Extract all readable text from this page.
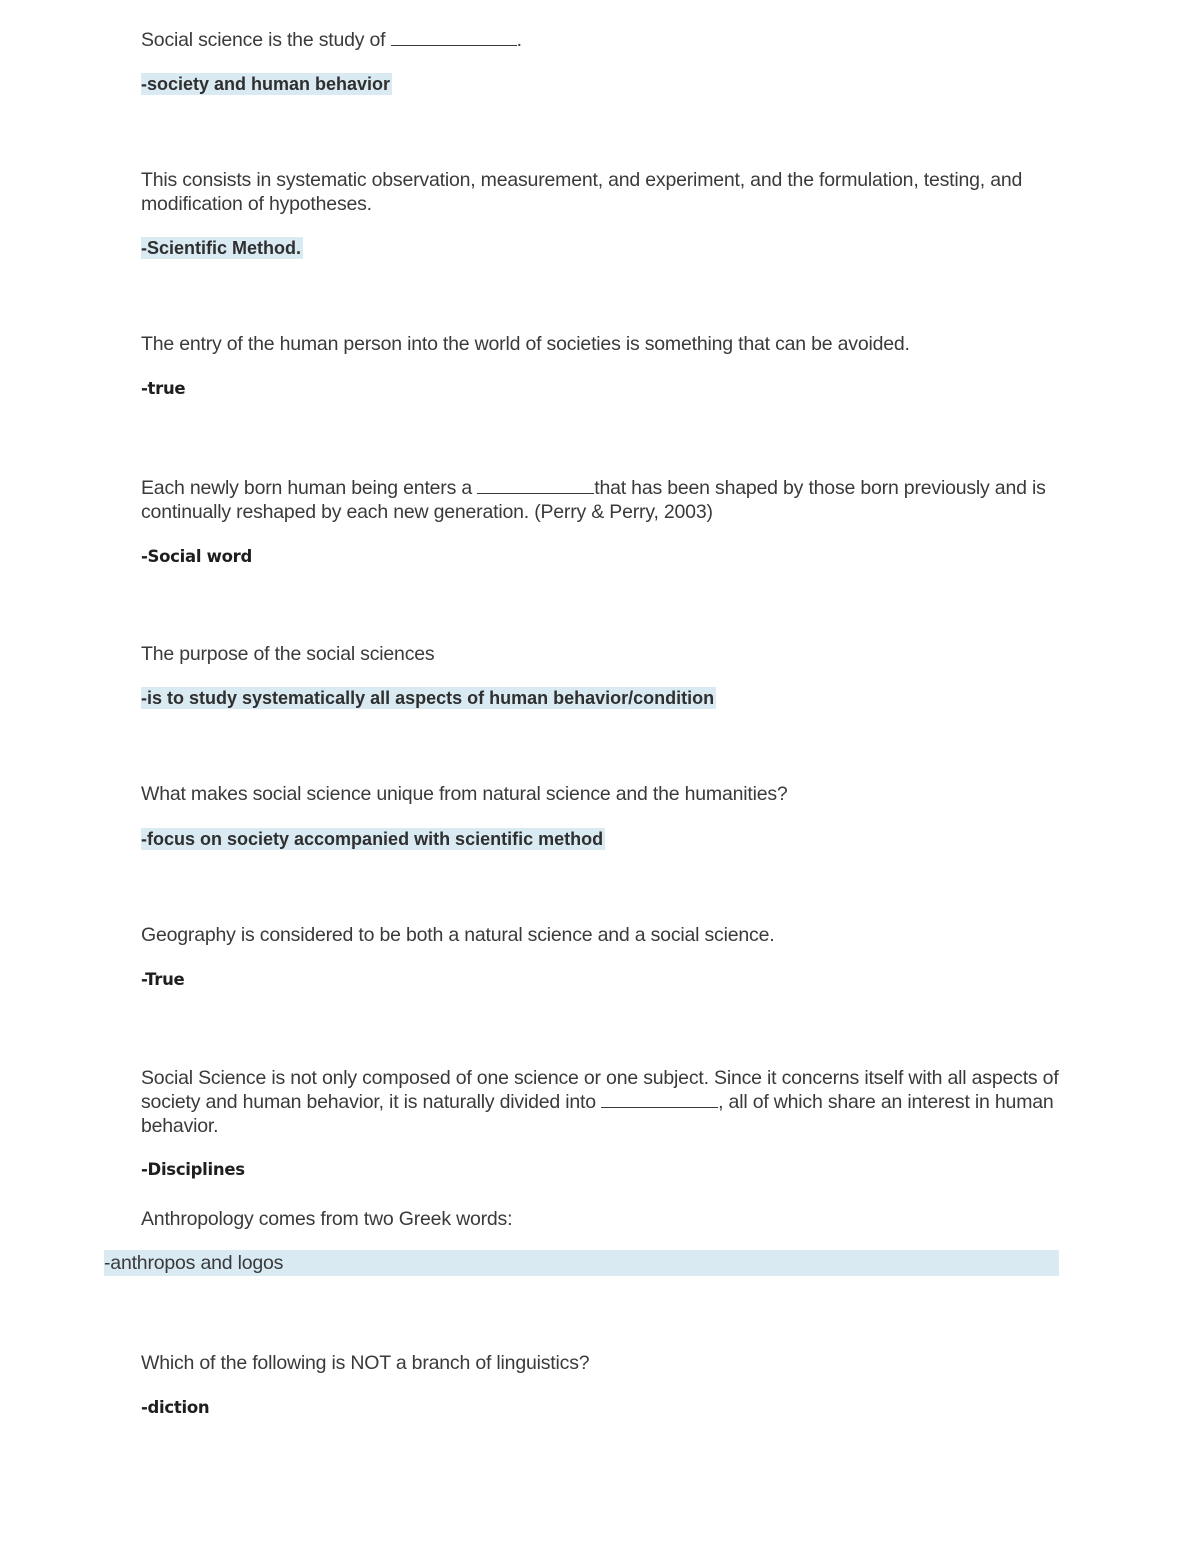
Social science is the study of	.

-society and human behavior

This consists in systematic observation, measurement, and experiment, and the formulation, testing, and modification of hypotheses.

-Scientific Method.

The entry of the human person into the world of societies is something that can be avoided.

-true

Each newly born human being enters a	that has been shaped by those born previously and is continually reshaped by each new generation. (Perry & Perry, 2003)

-Social word

The purpose of the social sciences

-is to study systematically all aspects of human behavior/condition

What makes social science unique from natural science and the humanities?

-focus on society accompanied with scientific method

Geography is considered to be both a natural science and a social science.

-True

Social Science is not only composed of one science or one subject. Since it concerns itself with all aspects of society and human behavior, it is naturally divided into	, all of which share an interest in human behavior.

-Disciplines

Anthropology comes from two Greek words:

-anthropos and logos

Which of the following is NOT a branch of linguistics?

-diction
